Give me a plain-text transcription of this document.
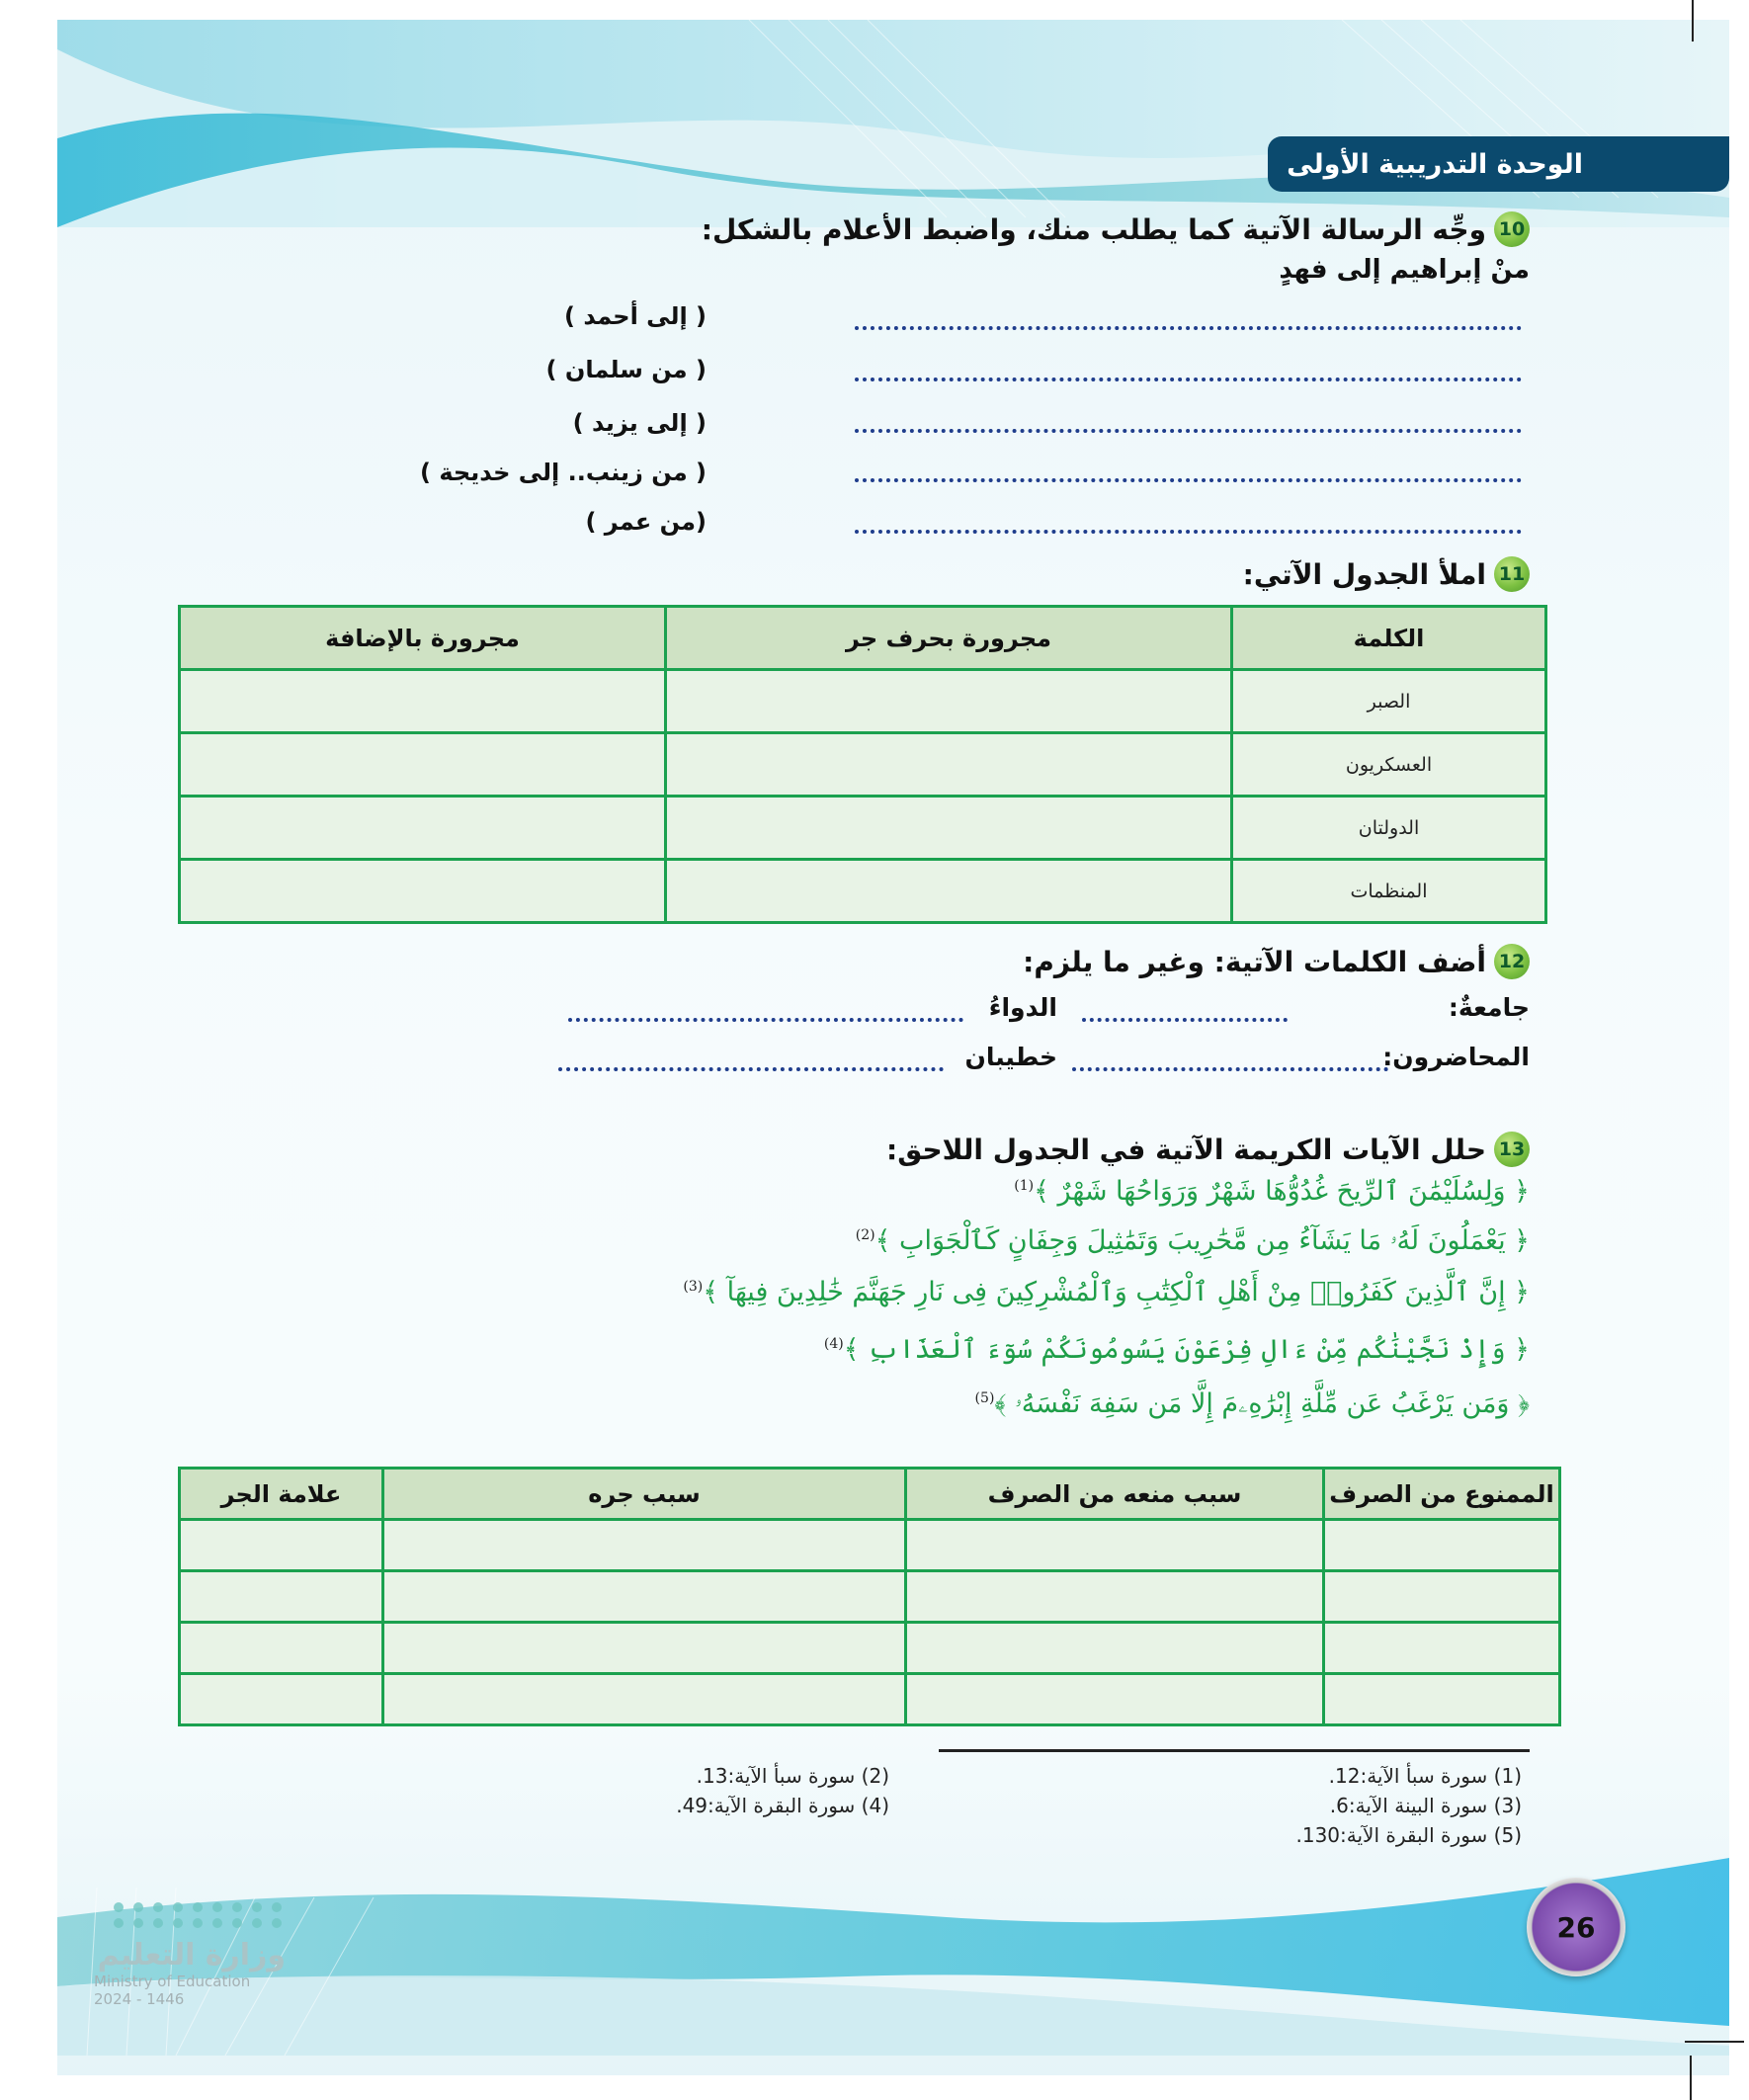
الوحدة التدريبية الأولى
10
وجِّه الرسالة الآتية كما يطلب منك، واضبط الأعلام بالشكل:
منْ إبراهيم إلى فهدٍ
( إلى أحمد )
( من سلمان )
( إلى يزيد )
( من زينب.. إلى خديجة )
(من عمر )
11
املأ الجدول الآتي:
الكلمة	مجرورة بحرف جر	مجرورة بالإضافة
الصبر		
العسكريون		
الدولتان		
المنظمات		
12
أضف الكلمات الآتية: وغير ما يلزم:
جامعةٌ:
الدواءُ
المحاضرون:
خطيبان
13
حلل الآيات الكريمة الآتية في الجدول اللاحق:
﴿ وَلِسُلَيْمَٰنَ ٱلرِّيحَ غُدُوُّهَا شَهْرٌ وَرَوَاحُهَا شَهْرٌ ﴾$^{(1)}$
﴿ يَعْمَلُونَ لَهُۥ مَا يَشَآءُ مِن مَّحَٰرِيبَ وَتَمَٰثِيلَ وَجِفَانٍ كَٱلْجَوَابِ ﴾$^{(2)}$
﴿ إِنَّ ٱلَّذِينَ كَفَرُوا۟ مِنْ أَهْلِ ٱلْكِتَٰبِ وَٱلْمُشْرِكِينَ فِى نَارِ جَهَنَّمَ خَٰلِدِينَ فِيهَآ ﴾$^{(3)}$
﴿ وَإِذْ نَجَّيْنَٰكُم مِّنْ ءَالِ فِرْعَوْنَ يَسُومُونَكُمْ سُوٓءَ ٱلْعَذَابِ ﴾$^{(4)}$
﴿ وَمَن يَرْغَبُ عَن مِّلَّةِ إِبْرَٰهِۦمَ إِلَّا مَن سَفِهَ نَفْسَهُۥ ﴾$^{(5)}$
الممنوع من الصرف	سبب منعه من الصرف	سبب جره	علامة الجر

(1) سورة سبأ الآية:12.
(2) سورة سبأ الآية:13.
(3) سورة البينة الآية:6.
(4) سورة البقرة الآية:49.
(5) سورة البقرة الآية:130.
وزارة التعليم
Ministry of Education
2024 - 1446
26
